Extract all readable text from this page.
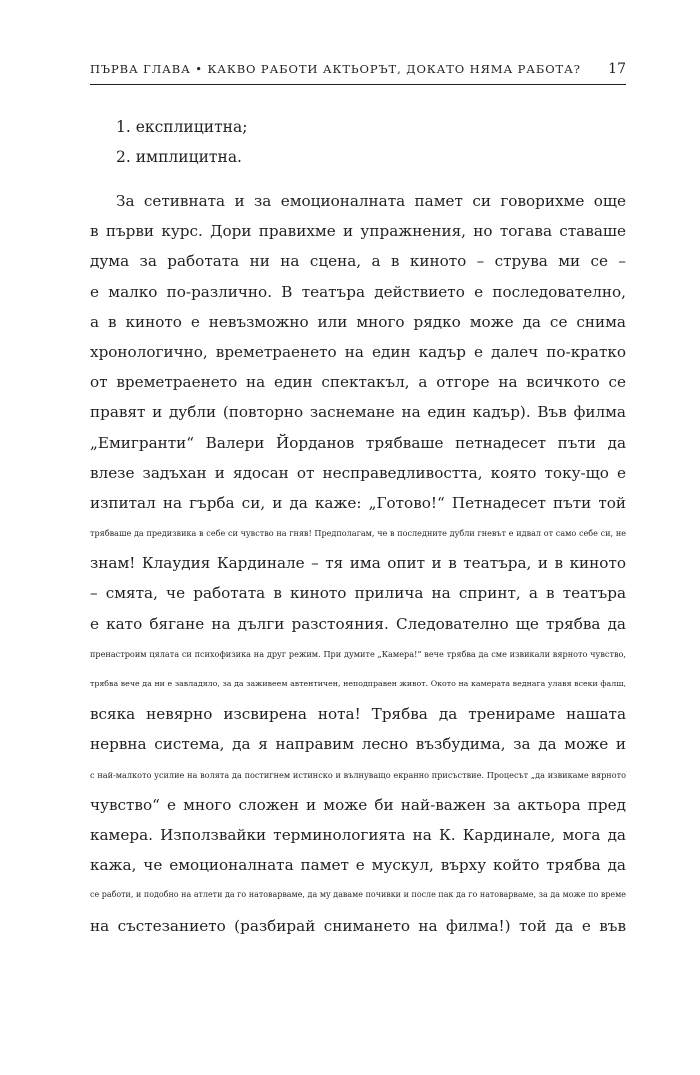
ПЪРВА ГЛАВА • КАКВО РАБОТИ АКТЬОРЪТ, ДОКАТО НЯМА РАБОТА? 17
1. експлицитна;
2. имплицитна.
За сетивната и за емоционалната памет си говорихме още
в първи курс. Дори правихме и упражнения, но тогава ставаше
дума за работата ни на сцена, а в киното – струва ми се –
е малко по-различно. В театъра действието е последователно,
а в киното е невъзможно или много рядко може да се снима
хронологично, времетраенето на един кадър е далеч по-кратко
от времетраенето на един спектакъл, а отгоре на всичкото се
правят и дубли (повторно заснемане на един кадър). Във филма
„Емигранти“ Валери Йорданов трябваше петнадесет пъти да
влезе задъхан и ядосан от несправедливостта, която току-що е
изпитал на гърба си, и да каже: „Готово!“ Петнадесет пъти той
трябваше да предизвика в себе си чувство на гняв! Предполагам, че в последните дубли гневът е идвал от само себе си, не
знам! Клаудия Кардинале – тя има опит и в театъра, и в киното
– смята, че работата в киното прилича на спринт, а в театъра
е като бягане на дълги разстояния. Следователно ще трябва да
пренастроим цялата си психофизика на друг режим. При думите „Камера!“ вече трябва да сме извикали вярното чувство,
трябва вече да ни е завладяло, за да заживеем автентичен, неподправен живот. Окото на камерата веднага улавя всеки фалш,
всяка невярно изсвирена нота! Трябва да тренираме нашата
нервна система, да я направим лесно възбудима, за да може и
с най-малкото усилие на волята да постигнем истинско и вълнуващо екранно присъствие. Процесът „да извикаме вярното
чувство“ е много сложен и може би най-важен за актьора пред
камера. Използвайки терминологията на К. Кардинале, мога да
кажа, че емоционалната памет е мускул, върху който трябва да
се работи, и подобно на атлети да го натоварваме, да му даваме почивки и после пак да го натоварваме, за да може по време
на състезанието (разбирай снимането на филма!) той да е във
